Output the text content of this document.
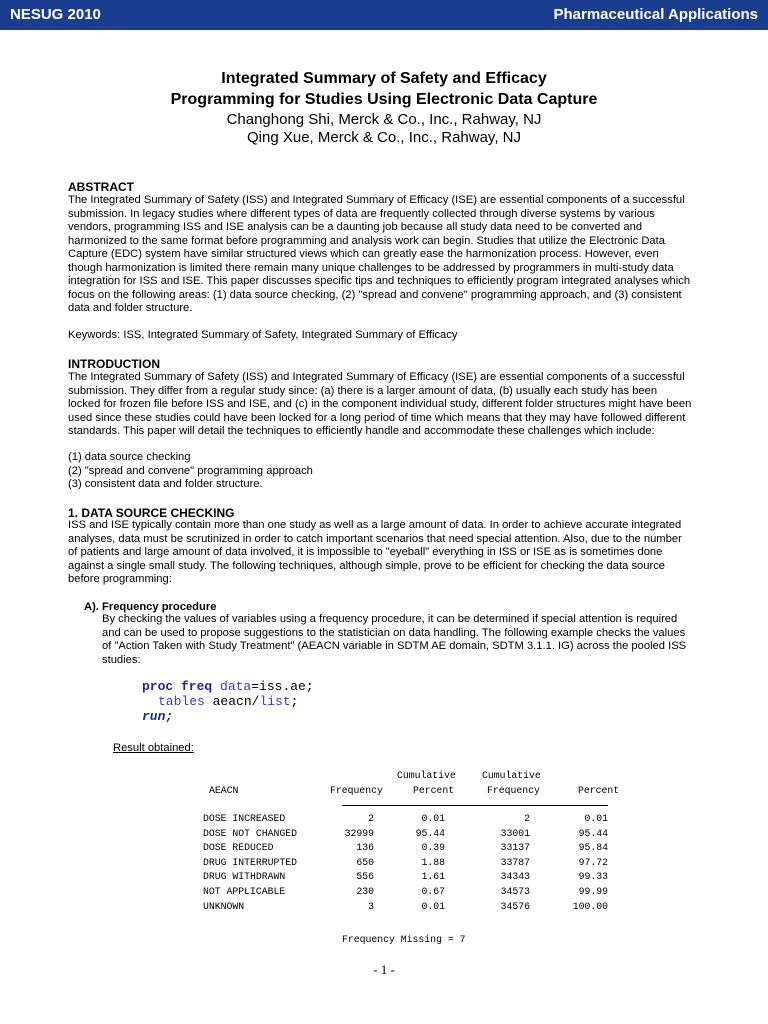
NESUG 2010	Pharmaceutical Applications
Integrated Summary of Safety and Efficacy
Programming for Studies Using Electronic Data Capture
Changhong Shi, Merck & Co., Inc., Rahway, NJ
Qing Xue, Merck & Co., Inc., Rahway, NJ
ABSTRACT
The Integrated Summary of Safety (ISS) and Integrated Summary of Efficacy (ISE) are essential components of a successful
submission. In legacy studies where different types of data are frequently collected through diverse systems by various
vendors, programming ISS and ISE analysis can be a daunting job because all study data need to be converted and
harmonized to the same format before programming and analysis work can begin. Studies that utilize the Electronic Data
Capture (EDC) system have similar structured views which can greatly ease the harmonization process. However, even
though harmonization is limited there remain many unique challenges to be addressed by programmers in multi-study data
integration for ISS and ISE. This paper discusses specific tips and techniques to efficiently program integrated analyses which
focus on the following areas: (1) data source checking, (2) "spread and convene" programming approach, and (3) consistent
data and folder structure.
Keywords: ISS, Integrated Summary of Safety, Integrated Summary of Efficacy
INTRODUCTION
The Integrated Summary of Safety (ISS) and Integrated Summary of Efficacy (ISE) are essential components of a successful
submission. They differ from a regular study since: (a) there is a larger amount of data, (b) usually each study has been
locked for frozen file before ISS and ISE, and (c) in the component individual study, different folder structures might have been
used since these studies could have been locked for a long period of time which means that they may have followed different
standards. This paper will detail the techniques to efficiently handle and accommodate these challenges which include:
(1) data source checking
(2) "spread and convene" programming approach
(3) consistent data and folder structure.
1. DATA SOURCE CHECKING
ISS and ISE typically contain more than one study as well as a large amount of data. In order to achieve accurate integrated
analyses, data must be scrutinized in order to catch important scenarios that need special attention. Also, due to the number
of patients and large amount of data involved, it is impossible to "eyeball" everything in ISS or ISE as is sometimes done
against a single small study. The following techniques, although simple, prove to be efficient for checking the data source
before programming:
A). Frequency procedure
By checking the values of variables using a frequency procedure, it can be determined if special attention is required
and can be used to propose suggestions to the statistician on data handling. The following example checks the values
of "Action Taken with Study Treatment" (AEACN variable in SDTM AE domain, SDTM 3.1.1. IG) across the pooled ISS
studies:
proc freq data=iss.ae;
tables aeacn/list;
run;
Result obtained:
Cumulative	Cumulative
AEACN	Frequency	Percent	Frequency	Percent
DOSE INCREASED	2	0.01	2	0.01
DOSE NOT CHANGED	32999	95.44	33001	95.44
DOSE REDUCED	136	0.39	33137	95.84
DRUG INTERRUPTED	650	1.88	33787	97.72
DRUG WITHDRAWN	556	1.61	34343	99.33
NOT APPLICABLE	230	0.67	34573	99.99
UNKNOWN	3	0.01	34576	100.00
Frequency Missing = 7
- 1 -
